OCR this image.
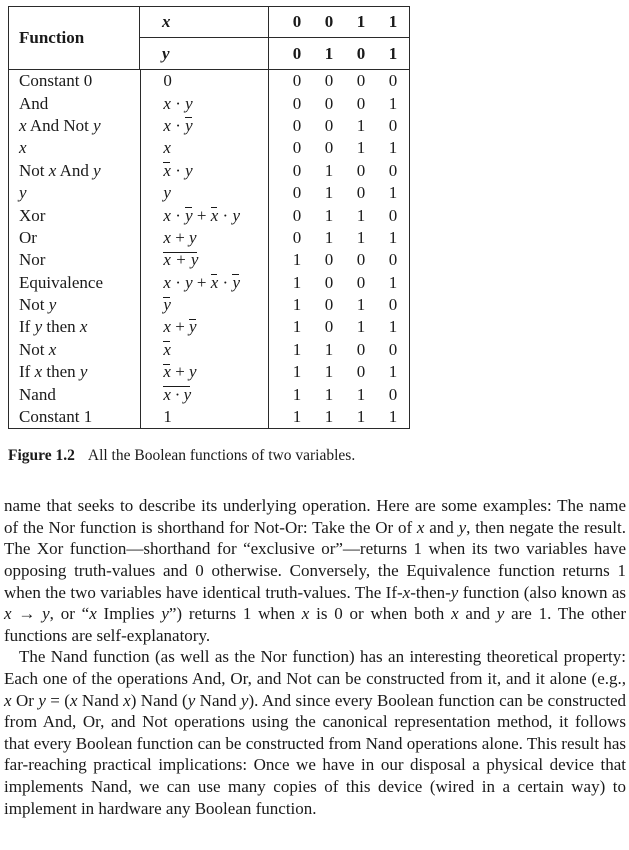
Function
x	0	0	1	1
y	0	1	0	1
Constant 0	0	0	0	0	0
And	x · y	0	0	0	1
x And Not y	x · y	0	0	1	0
x	x	0	0	1	1
Not x And y	x · y	0	1	0	0
y	y	0	1	0	1
Xor	x · y + x · y	0	1	1	0
Or	x + y	0	1	1	1
Nor	x + y	1	0	0	0
Equivalence	x · y + x · y	1	0	0	1
Not y	y	1	0	1	0
If y then x	x + y	1	0	1	1
Not x	x	1	1	0	0
If x then y	x + y	1	1	0	1
Nand	x · y	1	1	1	0
Constant 1	1	1	1	1	1
Figure 1.2 All the Boolean functions of two variables.

name that seeks to describe its underlying operation. Here are some examples: The name of the Nor function is shorthand for Not-Or: Take the Or of x and y, then negate the result. The Xor function—shorthand for “exclusive or”—returns 1 when its two variables have opposing truth-values and 0 otherwise. Conversely, the Equivalence function returns 1 when the two variables have identical truth-values. The If-x-then-y function (also known as x → y, or “x Implies y”) returns 1 when x is 0 or when both x and y are 1. The other functions are self-explanatory.

The Nand function (as well as the Nor function) has an interesting theoretical property: Each one of the operations And, Or, and Not can be constructed from it, and it alone (e.g., x Or y = (x Nand x) Nand (y Nand y). And since every Boolean function can be constructed from And, Or, and Not operations using the canonical representation method, it follows that every Boolean function can be constructed from Nand operations alone. This result has far-reaching practical implications: Once we have in our disposal a physical device that implements Nand, we can use many copies of this device (wired in a certain way) to implement in hardware any Boolean function.
